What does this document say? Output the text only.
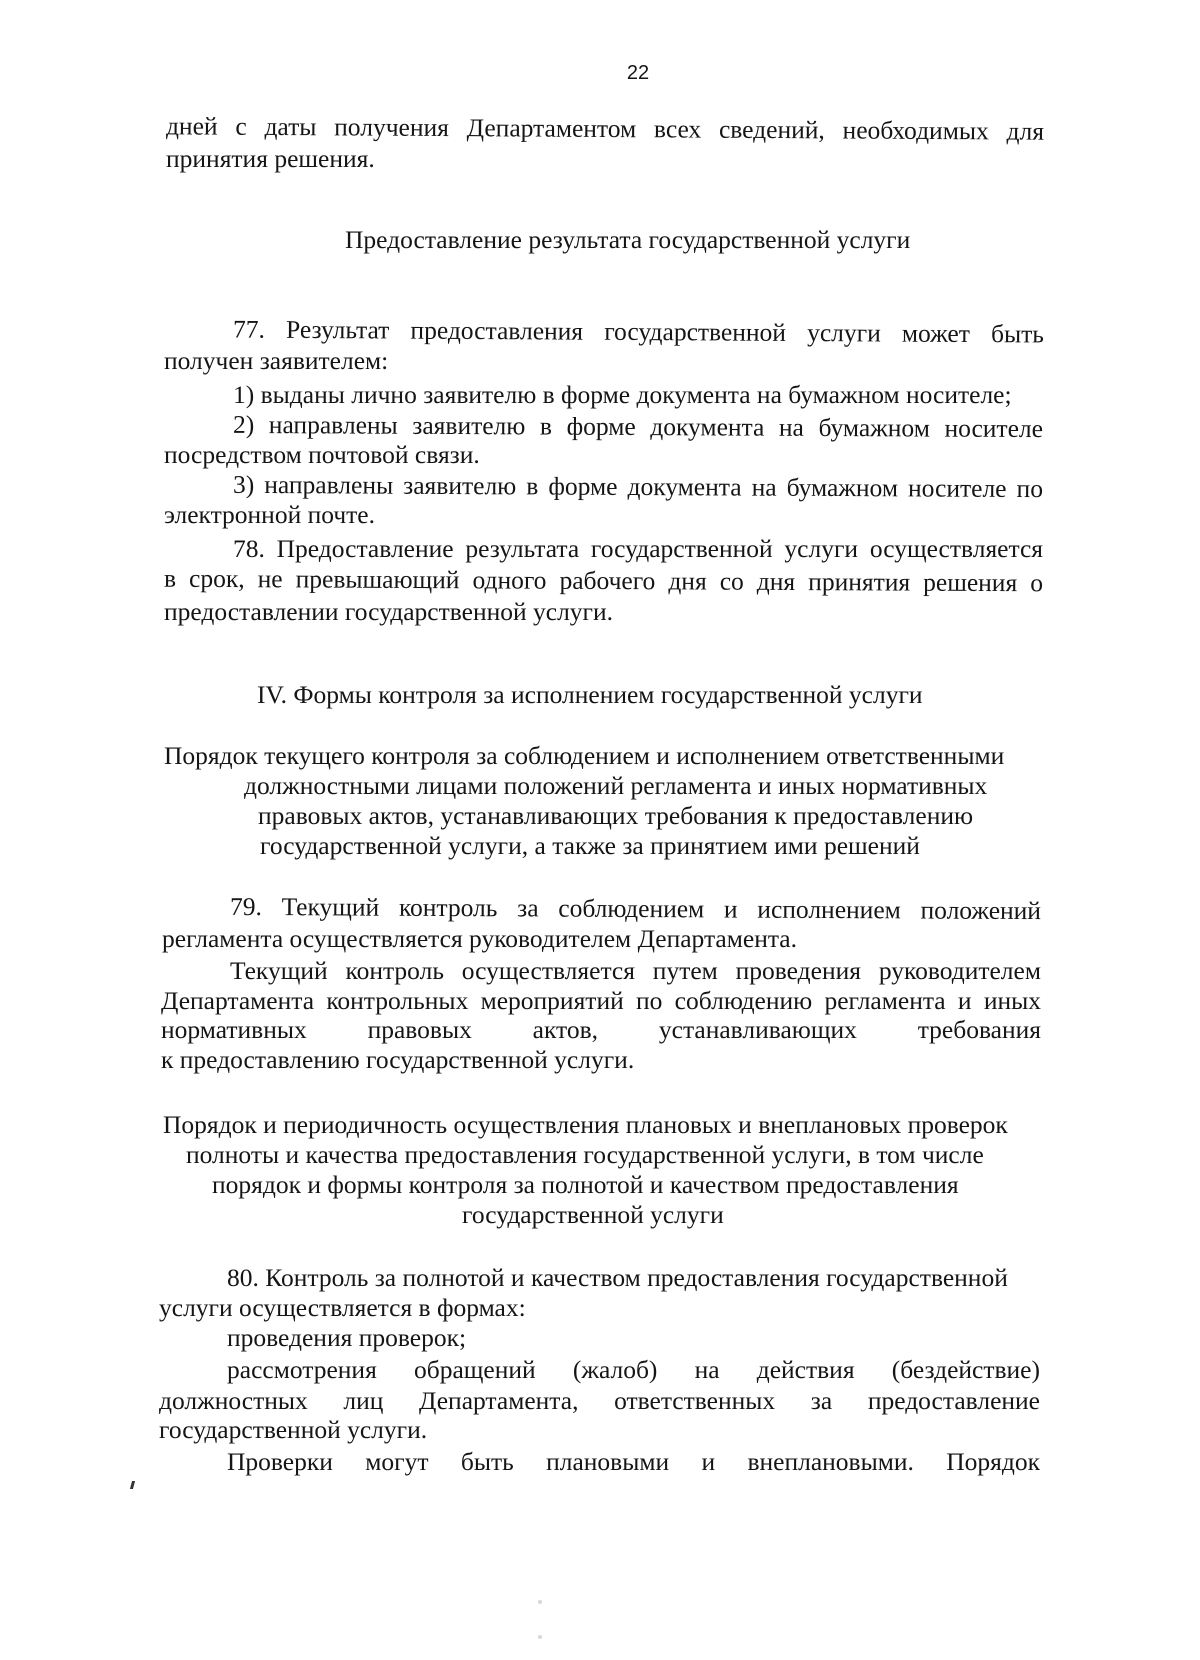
22
дней с даты получения Департаментом всех сведений, необходимых для
принятия решения.
Предоставление результата государственной услуги
77. Результат предоставления государственной услуги может быть
получен заявителем:
1) выданы лично заявителю в форме документа на бумажном носителе;
2) направлены заявителю в форме документа на бумажном носителе
посредством почтовой связи.
3) направлены заявителю в форме документа на бумажном носителе по
электронной почте.
78. Предоставление результата государственной услуги осуществляется
в срок, не превышающий одного рабочего дня со дня принятия решения о
предоставлении государственной услуги.
IV. Формы контроля за исполнением государственной услуги
Порядок текущего контроля за соблюдением и исполнением ответственными
должностными лицами положений регламента и иных нормативных
правовых актов, устанавливающих требования к предоставлению
государственной услуги, а также за принятием ими решений
79. Текущий контроль за соблюдением и исполнением положений
регламента осуществляется руководителем Департамента.
Текущий контроль осуществляется путем проведения руководителем
Департамента контрольных мероприятий по соблюдению регламента и иных
нормативных правовых актов, устанавливающих требования
к предоставлению государственной услуги.
Порядок и периодичность осуществления плановых и внеплановых проверок
полноты и качества предоставления государственной услуги, в том числе
порядок и формы контроля за полнотой и качеством предоставления
государственной услуги
80. Контроль за полнотой и качеством предоставления государственной
услуги осуществляется в формах:
проведения проверок;
рассмотрения обращений (жалоб) на действия (бездействие)
должностных лиц Департамента, ответственных за предоставление
государственной услуги.
Проверки могут быть плановыми и внеплановыми. Порядок
